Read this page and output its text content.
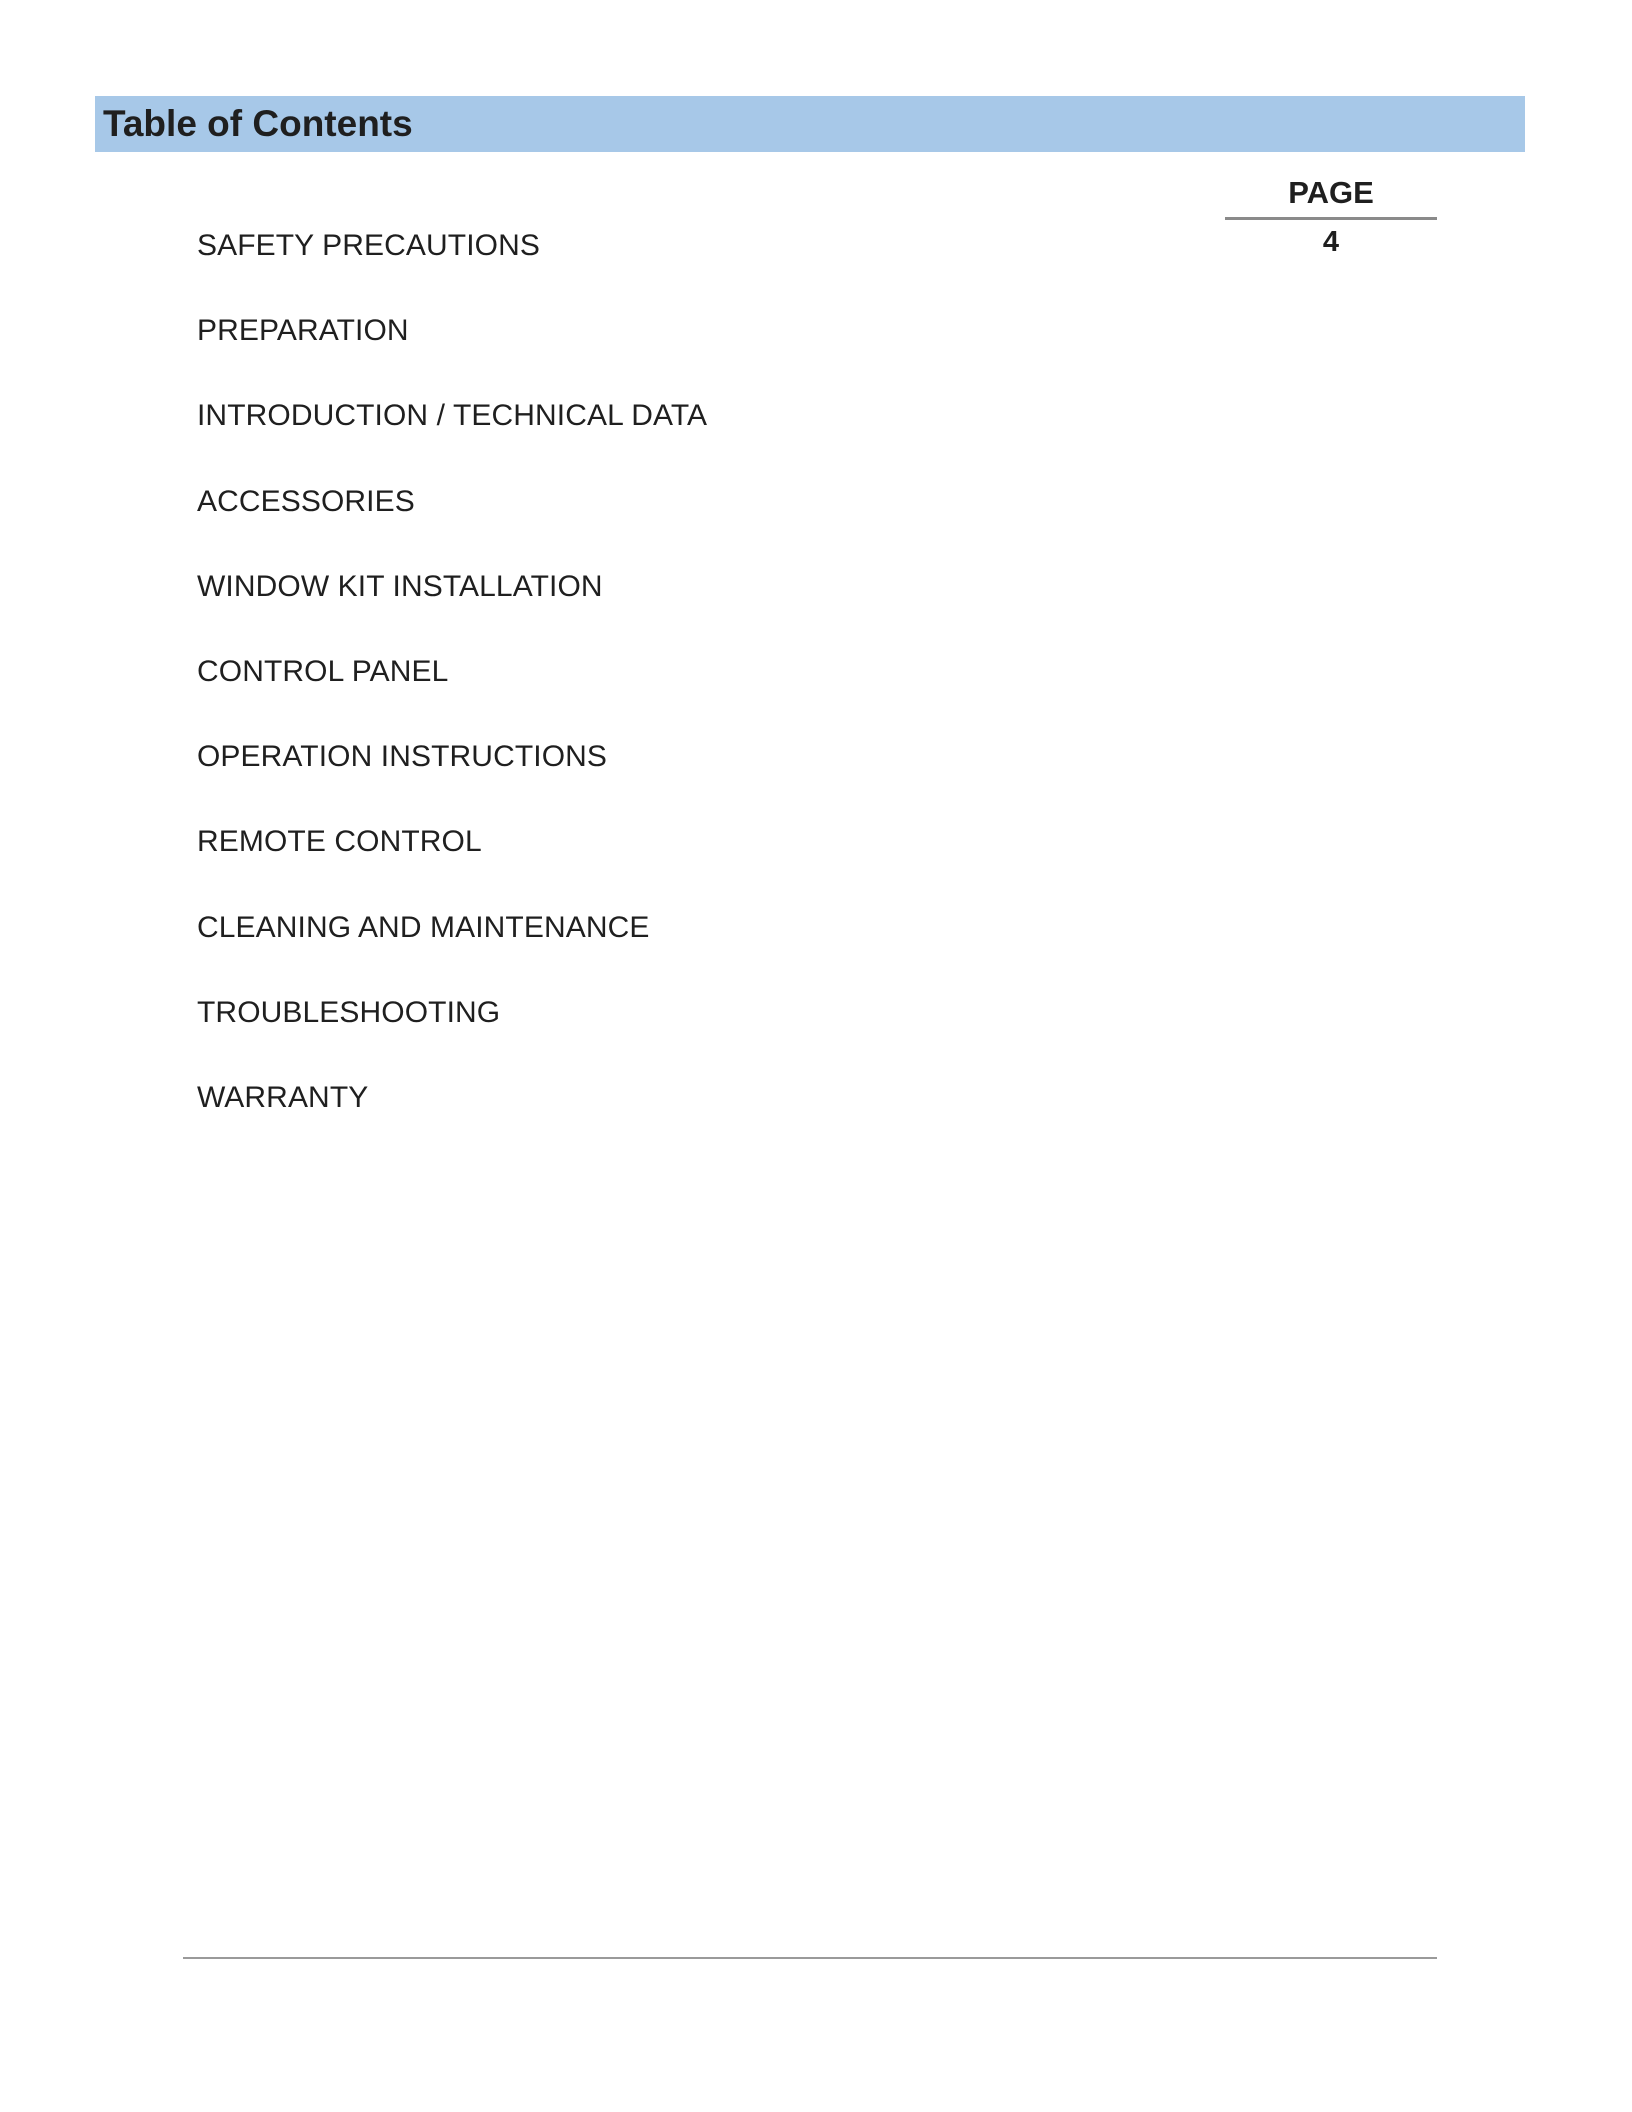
Table of Contents
PAGE
4
SAFETY PRECAUTIONS
PREPARATION
INTRODUCTION / TECHNICAL DATA
ACCESSORIES
WINDOW KIT INSTALLATION
CONTROL PANEL
OPERATION INSTRUCTIONS
REMOTE CONTROL
CLEANING AND MAINTENANCE
TROUBLESHOOTING
WARRANTY
